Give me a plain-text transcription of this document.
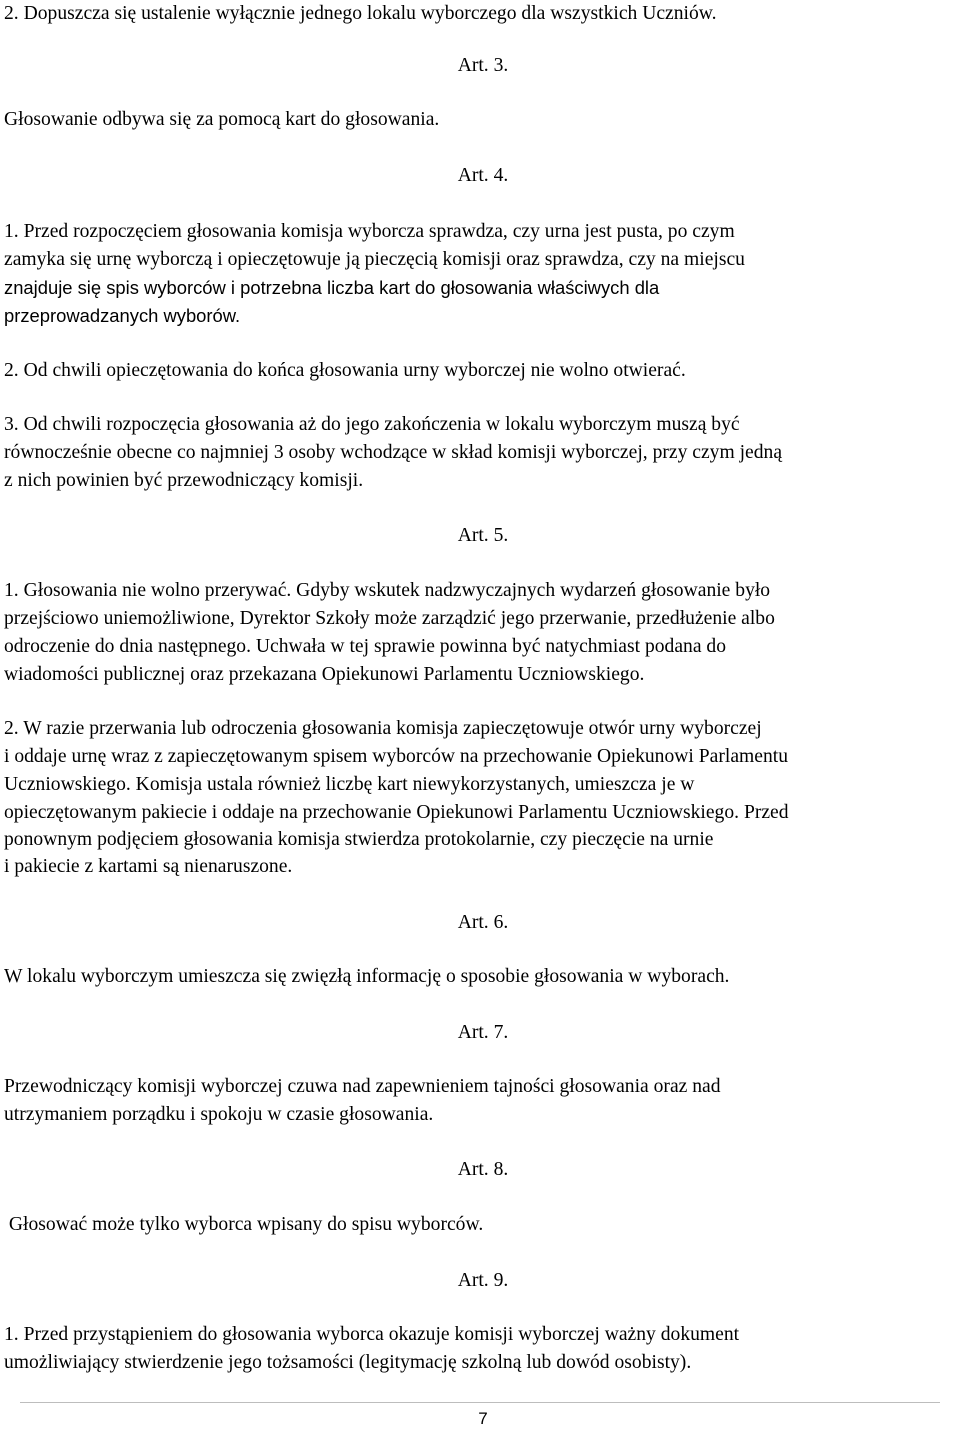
2. Dopuszcza się ustalenie wyłącznie jednego lokalu wyborczego dla wszystkich Uczniów.
Art. 3.
Głosowanie odbywa się za pomocą kart do głosowania.
Art. 4.
1. Przed rozpoczęciem głosowania komisja wyborcza sprawdza, czy urna jest pusta, po czym
zamyka się urnę wyborczą i opieczętowuje ją pieczęcią komisji oraz sprawdza, czy na miejscu
znajduje się spis wyborców i potrzebna liczba kart do głosowania właściwych dla
przeprowadzanych wyborów.
2. Od chwili opieczętowania do końca głosowania urny wyborczej nie wolno otwierać.
3. Od chwili rozpoczęcia głosowania aż do jego zakończenia w lokalu wyborczym muszą być
równocześnie obecne co najmniej 3 osoby wchodzące w skład komisji wyborczej, przy czym jedną
z nich powinien być przewodniczący komisji.
Art. 5.
1. Głosowania nie wolno przerywać. Gdyby wskutek nadzwyczajnych wydarzeń głosowanie było
przejściowo uniemożliwione, Dyrektor Szkoły może zarządzić jego przerwanie, przedłużenie albo
odroczenie do dnia następnego. Uchwała w tej sprawie powinna być natychmiast podana do
wiadomości publicznej oraz przekazana Opiekunowi Parlamentu Uczniowskiego.
2. W razie przerwania lub odroczenia głosowania komisja zapieczętowuje otwór urny wyborczej
i oddaje urnę wraz z zapieczętowanym spisem wyborców na przechowanie Opiekunowi Parlamentu
Uczniowskiego. Komisja ustala również liczbę kart niewykorzystanych, umieszcza je w
opieczętowanym pakiecie i oddaje na przechowanie Opiekunowi Parlamentu Uczniowskiego. Przed
ponownym podjęciem głosowania komisja stwierdza protokolarnie, czy pieczęcie na urnie
i pakiecie z kartami są nienaruszone.
Art. 6.
W lokalu wyborczym umieszcza się zwięzłą informację o sposobie głosowania w wyborach.
Art. 7.
Przewodniczący komisji wyborczej czuwa nad zapewnieniem tajności głosowania oraz nad
utrzymaniem porządku i spokoju w czasie głosowania.
Art. 8.
Głosować może tylko wyborca wpisany do spisu wyborców.
Art. 9.
1. Przed przystąpieniem do głosowania wyborca okazuje komisji wyborczej ważny dokument
umożliwiający stwierdzenie jego tożsamości (legitymację szkolną lub dowód osobisty).
7
